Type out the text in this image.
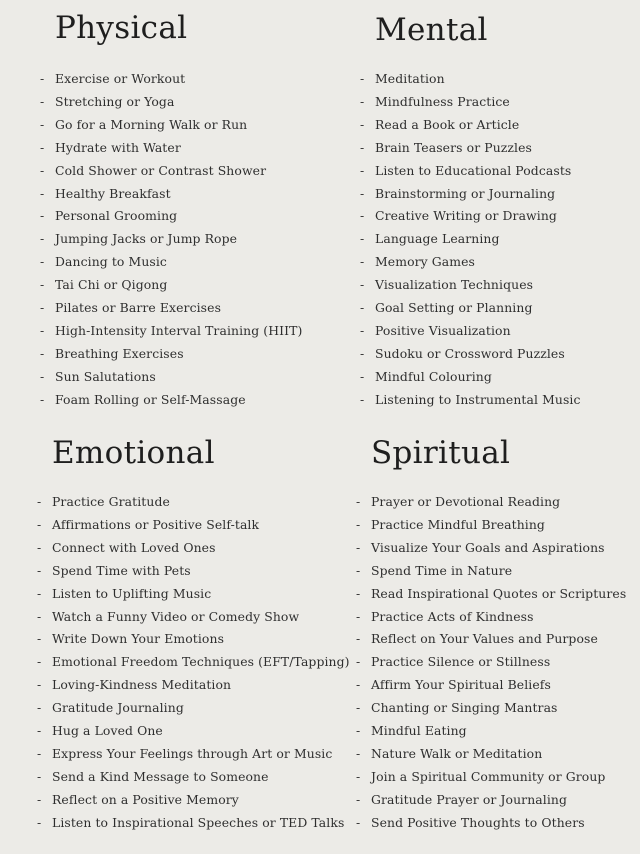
Physical
- Exercise or Workout
- Stretching or Yoga
- Go for a Morning Walk or Run
- Hydrate with Water
- Cold Shower or Contrast Shower
- Healthy Breakfast
- Personal Grooming
- Jumping Jacks or Jump Rope
- Dancing to Music
- Tai Chi or Qigong
- Pilates or Barre Exercises
- High-Intensity Interval Training (HIIT)
- Breathing Exercises
- Sun Salutations
- Foam Rolling or Self-Massage
Mental
- Meditation
- Mindfulness Practice
- Read a Book or Article
- Brain Teasers or Puzzles
- Listen to Educational Podcasts
- Brainstorming or Journaling
- Creative Writing or Drawing
- Language Learning
- Memory Games
- Visualization Techniques
- Goal Setting or Planning
- Positive Visualization
- Sudoku or Crossword Puzzles
- Mindful Colouring
- Listening to Instrumental Music
Emotional
- Practice Gratitude
- Affirmations or Positive Self-talk
- Connect with Loved Ones
- Spend Time with Pets
- Listen to Uplifting Music
- Watch a Funny Video or Comedy Show
- Write Down Your Emotions
- Emotional Freedom Techniques (EFT/Tapping)
- Loving-Kindness Meditation
- Gratitude Journaling
- Hug a Loved One
- Express Your Feelings through Art or Music
- Send a Kind Message to Someone
- Reflect on a Positive Memory
- Listen to Inspirational Speeches or TED Talks
Spiritual
- Prayer or Devotional Reading
- Practice Mindful Breathing
- Visualize Your Goals and Aspirations
- Spend Time in Nature
- Read Inspirational Quotes or Scriptures
- Practice Acts of Kindness
- Reflect on Your Values and Purpose
- Practice Silence or Stillness
- Affirm Your Spiritual Beliefs
- Chanting or Singing Mantras
- Mindful Eating
- Nature Walk or Meditation
- Join a Spiritual Community or Group
- Gratitude Prayer or Journaling
- Send Positive Thoughts to Others
